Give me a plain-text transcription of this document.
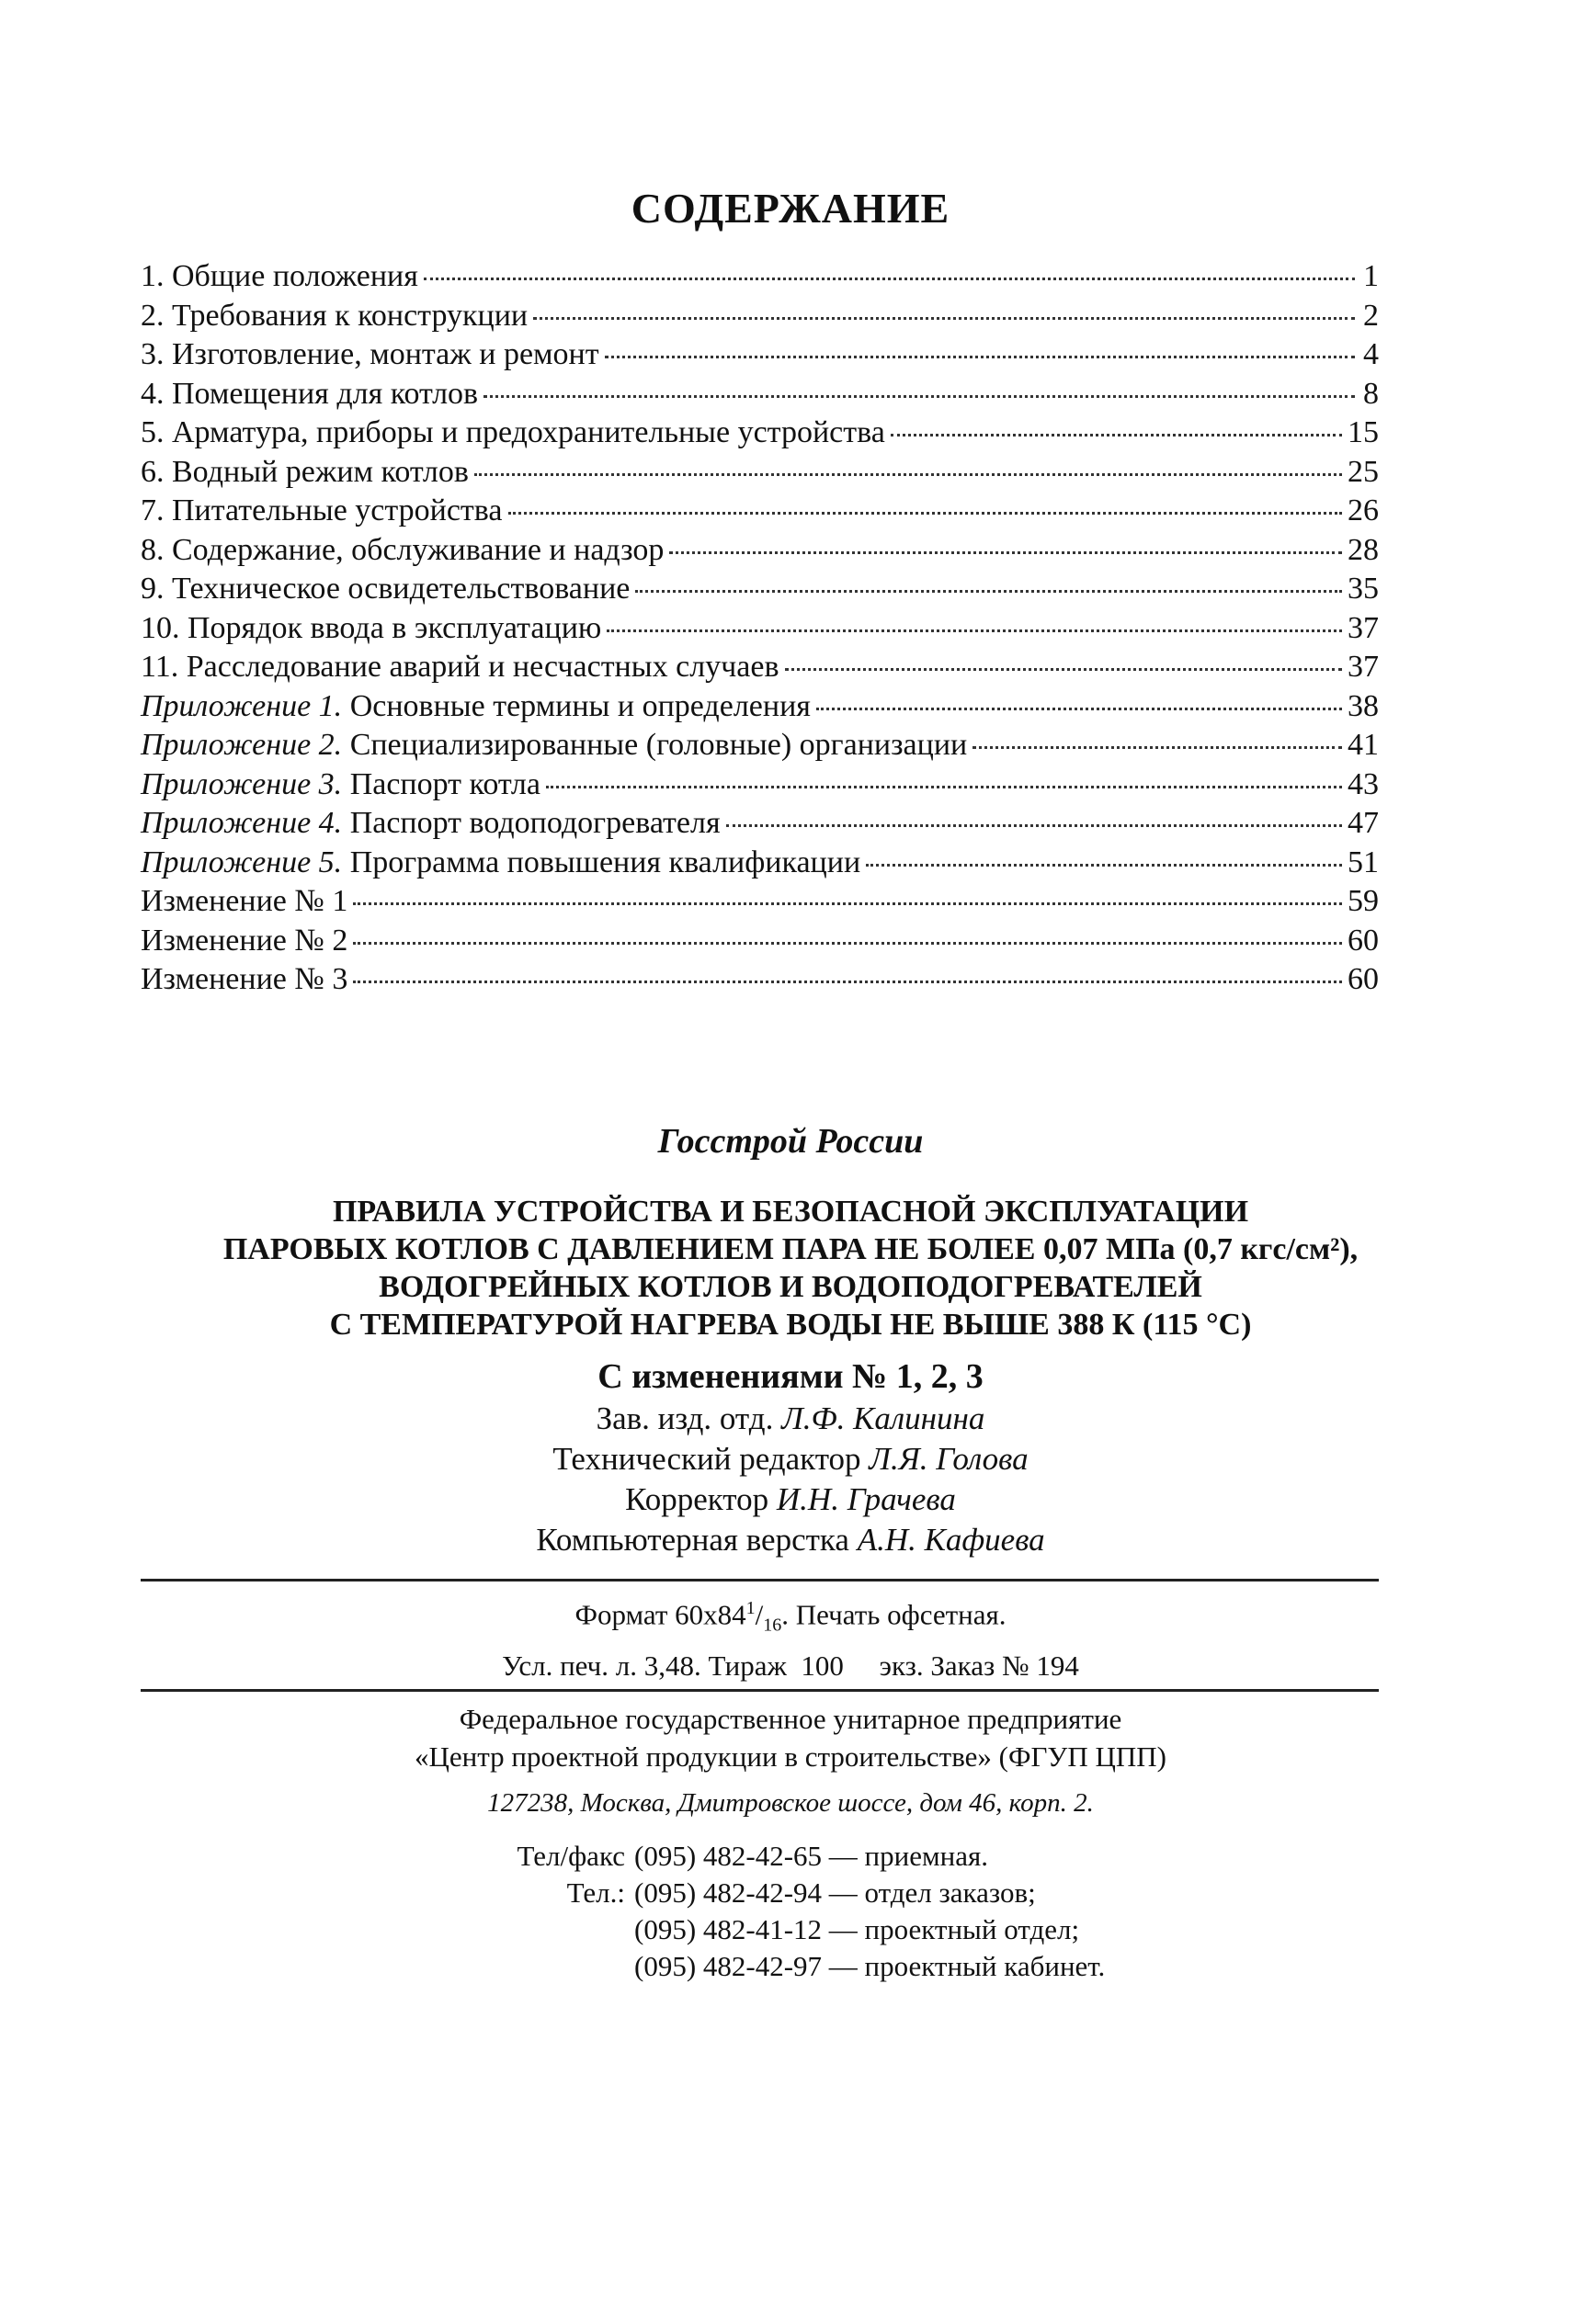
СОДЕРЖАНИЕ
1. Общие положения	1
2. Требования к конструкции	2
3. Изготовление, монтаж и ремонт	4
4. Помещения для котлов	8
5. Арматура, приборы и предохранительные устройства	15
6. Водный режим котлов	25
7. Питательные устройства	26
8. Содержание, обслуживание и надзор	28
9. Техническое освидетельствование	35
10. Порядок ввода в эксплуатацию	37
11. Расследование аварий и несчастных случаев	37
Приложение 1. Основные термины и определения	38
Приложение 2. Специализированные (головные) организации	41
Приложение 3. Паспорт котла	43
Приложение 4. Паспорт водоподогревателя	47
Приложение 5. Программа повышения квалификации	51
Изменение № 1	59
Изменение № 2	60
Изменение № 3	60
Госстрой России
ПРАВИЛА УСТРОЙСТВА И БЕЗОПАСНОЙ ЭКСПЛУАТАЦИИ
ПАРОВЫХ КОТЛОВ С ДАВЛЕНИЕМ ПАРА НЕ БОЛЕЕ 0,07 МПа (0,7 кгс/см²),
ВОДОГРЕЙНЫХ КОТЛОВ И ВОДОПОДОГРЕВАТЕЛЕЙ
С ТЕМПЕРАТУРОЙ НАГРЕВА ВОДЫ НЕ ВЫШЕ 388 К (115 °С)
С изменениями № 1, 2, 3
Зав. изд. отд. Л.Ф. Калинина
Технический редактор Л.Я. Голова
Корректор И.Н. Грачева
Компьютерная верстка А.Н. Кафиева
Формат $60x84^1/_{16}$. Печать офсетная.
Усл. печ. л. 3,48. Тираж  100     экз. Заказ № 194
Федеральное государственное унитарное предприятие
«Центр проектной продукции в строительстве» (ФГУП ЦПП)
127238, Москва, Дмитровское шоссе, дом 46, корп. 2.
Тел/факс (095) 482-42-65 — приемная.
Тел.: (095) 482-42-94 — отдел заказов;
(095) 482-41-12 — проектный отдел;
(095) 482-42-97 — проектный кабинет.
